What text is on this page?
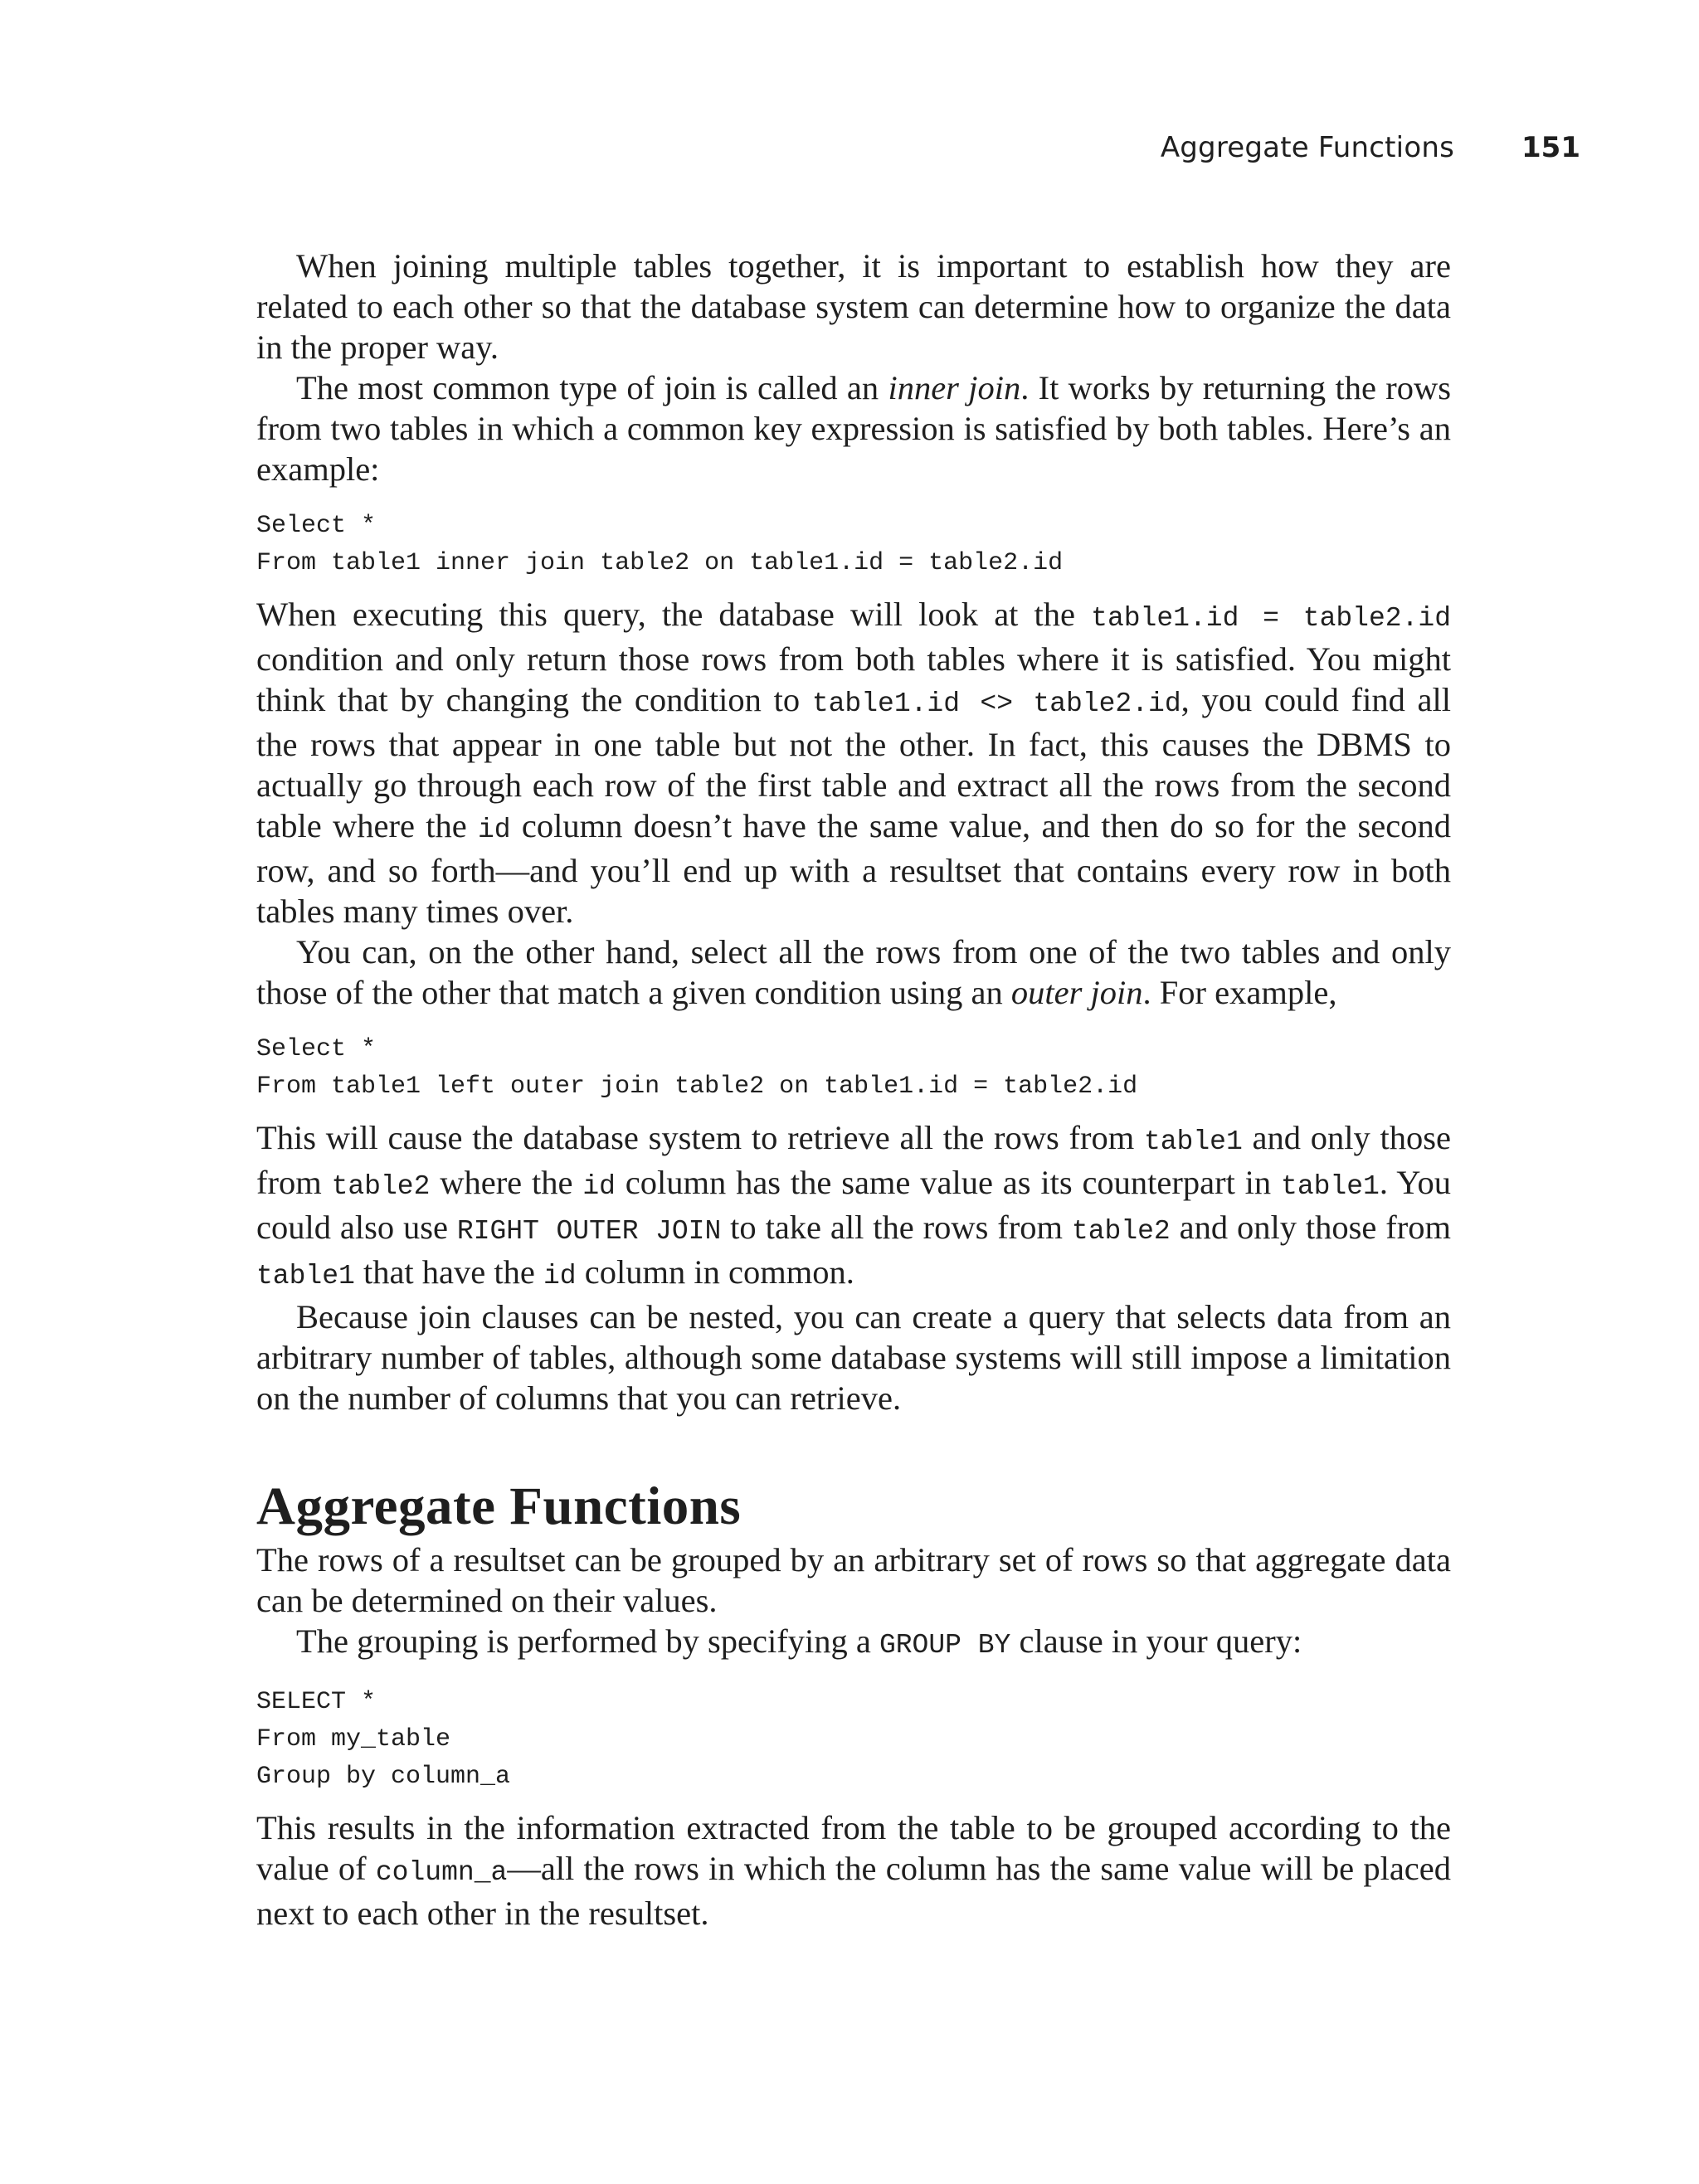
Aggregate Functions 151

When joining multiple tables together, it is important to establish how they are related to each other so that the database system can determine how to organize the data in the proper way.

The most common type of join is called an inner join. It works by returning the rows from two tables in which a common key expression is satisfied by both tables. Here’s an example:

Select *
From table1 inner join table2 on table1.id = table2.id

When executing this query, the database will look at the table1.id = table2.id condition and only return those rows from both tables where it is satisfied. You might think that by changing the condition to table1.id <> table2.id, you could find all the rows that appear in one table but not the other. In fact, this causes the DBMS to actually go through each row of the first table and extract all the rows from the second table where the id column doesn’t have the same value, and then do so for the second row, and so forth—and you’ll end up with a resultset that contains every row in both tables many times over.

You can, on the other hand, select all the rows from one of the two tables and only those of the other that match a given condition using an outer join. For example,

Select *
From table1 left outer join table2 on table1.id = table2.id

This will cause the database system to retrieve all the rows from table1 and only those from table2 where the id column has the same value as its counterpart in table1. You could also use RIGHT OUTER JOIN to take all the rows from table2 and only those from table1 that have the id column in common.

Because join clauses can be nested, you can create a query that selects data from an arbitrary number of tables, although some database systems will still impose a limitation on the number of columns that you can retrieve.

Aggregate Functions

The rows of a resultset can be grouped by an arbitrary set of rows so that aggregate data can be determined on their values.

The grouping is performed by specifying a GROUP BY clause in your query:

SELECT *
From my_table
Group by column_a

This results in the information extracted from the table to be grouped according to the value of column_a—all the rows in which the column has the same value will be placed next to each other in the resultset.
